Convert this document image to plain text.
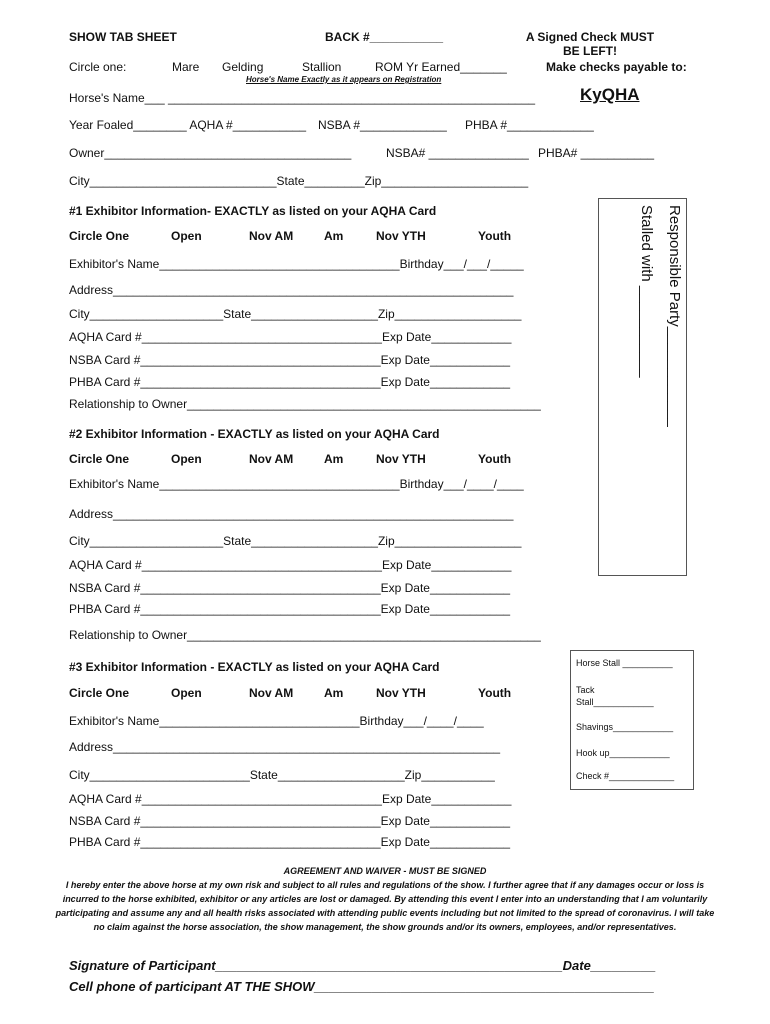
SHOW TAB SHEET	BACK #___________	A Signed Check MUST
BE LEFT!
Make checks payable to:
KyQHA
Circle one:	Mare Gelding	Stallion	ROM Yr Earned_______
Horse's Name Exactly as it appears on Registration
Horse's Name___ _______________________________________________________
Year Foaled________ AQHA #___________ NSBA #_____________ PHBA #_____________
Owner_____________________________________	NSBA# _______________ PHBA# ___________
City____________________________State_________Zip______________________
Responsible Party____________
Stalled with ___________
#1 Exhibitor Information- EXACTLY as listed on your AQHA Card
Circle One	Open	Nov AM	Am	Nov YTH	Youth
Exhibitor's Name____________________________________Birthday___/___/_____
Address____________________________________________________________
City____________________State___________________Zip___________________
AQHA Card #____________________________________Exp Date____________
NSBA Card #____________________________________Exp Date____________
PHBA Card #____________________________________Exp Date____________
Relationship to Owner_____________________________________________________
#2 Exhibitor Information - EXACTLY as listed on your AQHA Card
Circle One	Open	Nov AM	Am	Nov YTH	Youth
Exhibitor's Name____________________________________Birthday___/____/____
Address____________________________________________________________
City____________________State___________________Zip___________________
AQHA Card #____________________________________Exp Date____________
NSBA Card #____________________________________Exp Date____________
PHBA Card #____________________________________Exp Date____________
Relationship to Owner_____________________________________________________
#3 Exhibitor Information - EXACTLY as listed on your AQHA Card
Circle One	Open	Nov AM	Am	Nov YTH	Youth
Exhibitor's Name______________________________Birthday___/____/____
Address__________________________________________________________
City________________________State___________________Zip___________
AQHA Card #____________________________________Exp Date____________
NSBA Card #____________________________________Exp Date____________
PHBA Card #____________________________________Exp Date____________
Horse Stall __________
Tack
Stall____________
Shavings____________
Hook up____________
Check #_____________
AGREEMENT AND WAIVER - MUST BE SIGNED
I hereby enter the above horse at my own risk and subject to all rules and regulations of the show. I further agree that if any damages occur or loss is incurred to the horse exhibited, exhibitor or any articles are lost or damaged. By attending this event I enter into an understanding that I am voluntarily participating and assume any and all health risks associated with attending public events including but not limited to the spread of coronavirus. I will take no claim against the horse association, the show management, the show grounds and/or its owners, employees, and/or representatives.
Signature of Participant________________________________________________Date_________
Cell phone of participant AT THE SHOW_______________________________________________
